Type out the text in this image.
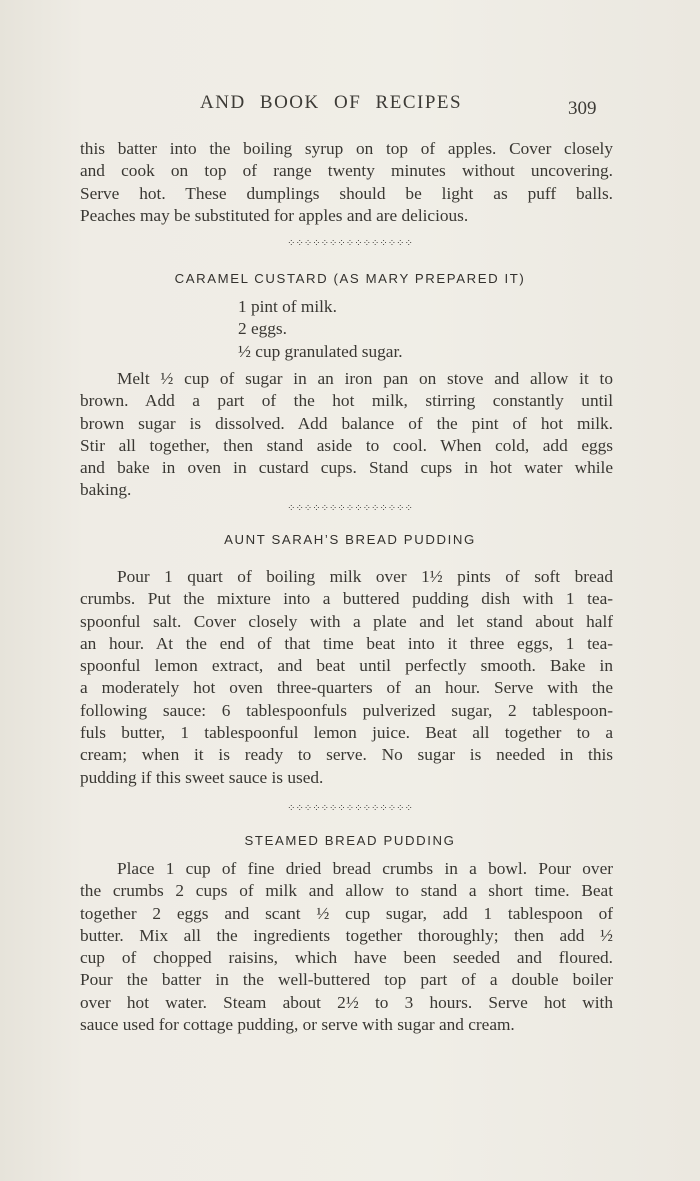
AND BOOK OF RECIPES	309

this batter into the boiling syrup on top of apples. Cover closely
and cook on top of range twenty minutes without uncovering.
Serve hot. These dumplings should be light as puff balls.
Peaches may be substituted for apples and are delicious.

⁘⁘⁘⁘⁘⁘⁘⁘⁘⁘⁘⁘⁘⁘⁘
CARAMEL CUSTARD (AS MARY PREPARED IT)
1 pint of milk.
2 eggs.
½ cup granulated sugar.

Melt ½ cup of sugar in an iron pan on stove and allow it to
brown. Add a part of the hot milk, stirring constantly until
brown sugar is dissolved. Add balance of the pint of hot milk.
Stir all together, then stand aside to cool. When cold, add eggs
and bake in oven in custard cups. Stand cups in hot water while
baking.

⁘⁘⁘⁘⁘⁘⁘⁘⁘⁘⁘⁘⁘⁘⁘
AUNT SARAH’S BREAD PUDDING

Pour 1 quart of boiling milk over 1½ pints of soft bread
crumbs. Put the mixture into a buttered pudding dish with 1 tea-
spoonful salt. Cover closely with a plate and let stand about half
an hour. At the end of that time beat into it three eggs, 1 tea-
spoonful lemon extract, and beat until perfectly smooth. Bake in
a moderately hot oven three-quarters of an hour. Serve with the
following sauce: 6 tablespoonfuls pulverized sugar, 2 tablespoon-
fuls butter, 1 tablespoonful lemon juice. Beat all together to a
cream; when it is ready to serve. No sugar is needed in this
pudding if this sweet sauce is used.

⁘⁘⁘⁘⁘⁘⁘⁘⁘⁘⁘⁘⁘⁘⁘
STEAMED BREAD PUDDING

Place 1 cup of fine dried bread crumbs in a bowl. Pour over
the crumbs 2 cups of milk and allow to stand a short time. Beat
together 2 eggs and scant ½ cup sugar, add 1 tablespoon of
butter. Mix all the ingredients together thoroughly; then add ½
cup of chopped raisins, which have been seeded and floured.
Pour the batter in the well-buttered top part of a double boiler
over hot water. Steam about 2½ to 3 hours. Serve hot with
sauce used for cottage pudding, or serve with sugar and cream.
